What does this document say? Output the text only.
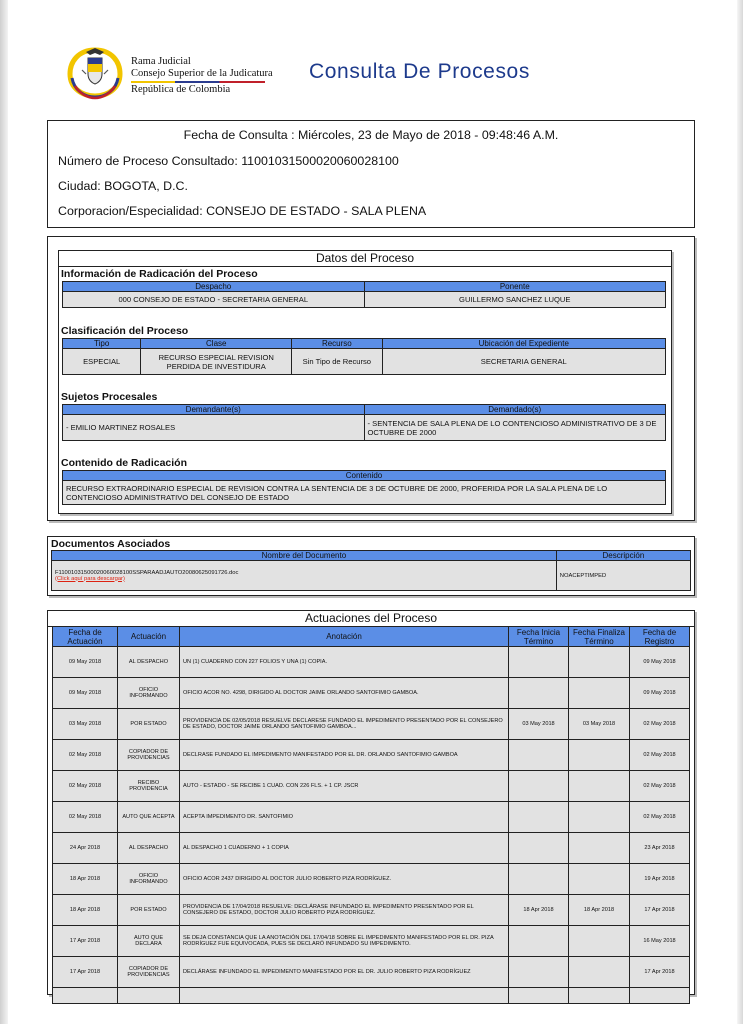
Rama Judicial
Consejo Superior de la Judicatura
República de Colombia
Consulta De Procesos
Fecha de Consulta : Miércoles, 23 de Mayo de 2018 - 09:48:46 A.M.
Número de Proceso Consultado: 11001031500020060028100
Ciudad: BOGOTA, D.C.
Corporacion/Especialidad: CONSEJO DE ESTADO - SALA PLENA
Datos del Proceso
Información de Radicación del Proceso
Despacho	Ponente
000 CONSEJO DE ESTADO - SECRETARIA GENERAL	GUILLERMO SANCHEZ LUQUE
Clasificación del Proceso
Tipo	Clase	Recurso	Ubicación del Expediente
ESPECIAL	RECURSO ESPECIAL REVISION PERDIDA DE INVESTIDURA	Sin Tipo de Recurso	SECRETARIA GENERAL
Sujetos Procesales
Demandante(s)	Demandado(s)
- EMILIO MARTINEZ ROSALES	- SENTENCIA DE SALA PLENA DE LO CONTENCIOSO ADMINISTRATIVO DE 3 DE OCTUBRE DE 2000
Contenido de Radicación
Contenido
RECURSO EXTRAORDINARIO ESPECIAL DE REVISION CONTRA LA SENTENCIA DE 3 DE OCTUBRE DE 2000, PROFERIDA POR LA SALA PLENA DE LO CONTENCIOSO ADMINISTRATIVO DEL CONSEJO DE ESTADO
Documentos Asociados
Nombre del Documento	Descripción

F11001031500020060028100SSPARAADJAUTO20080625091726.doc
(Click aquí para descargar)	NOACEPTIMPED
Actuaciones del Proceso
Fecha de Actuación	Actuación	Anotación	Fecha Inicia Término	Fecha Finaliza Término	Fecha de Registro
09 May 2018	AL DESPACHO	UN (1) CUADERNO CON 227 FOLIOS Y UNA (1) COPIA.			09 May 2018
09 May 2018	OFICIO INFORMANDO	OFICIO ACOR NO. 4298, DIRIGIDO AL DOCTOR JAIME ORLANDO SANTOFIMIO GAMBOA.			09 May 2018
03 May 2018	POR ESTADO	PROVIDENCIA DE 02/05/2018 RESUELVE DECLARESE FUNDADO EL IMPEDIMENTO PRESENTADO POR EL CONSEJERO DE ESTADO, DOCTOR JAIME ORLANDO SANTOFIMIO GAMBOA...	03 May 2018	03 May 2018	02 May 2018
02 May 2018	COPIADOR DE PROVIDENCIAS	DECLRASE FUNDADO EL IMPEDIMENTO MANIFESTADO POR EL DR. ORLANDO SANTOFIMIO GAMBOA			02 May 2018
02 May 2018	RECIBO PROVIDENCIA	AUTO - ESTADO - SE RECIBE 1 CUAD. CON 226 FLS. + 1 CP. JSCR			02 May 2018
02 May 2018	AUTO QUE ACEPTA	ACEPTA IMPEDIMENTO DR. SANTOFIMIO			02 May 2018
24 Apr 2018	AL DESPACHO	AL DESPACHO 1 CUADERNO + 1 COPIA			23 Apr 2018
18 Apr 2018	OFICIO INFORMANDO	OFICIO ACOR 2437 DIRIGIDO AL DOCTOR JULIO ROBERTO PIZA RODRÍGUEZ.			19 Apr 2018
18 Apr 2018	POR ESTADO	PROVIDENCIA DE 17/04/2018 RESUELVE: DECLÁRASE INFUNDADO EL IMPEDIMENTO PRESENTADO POR EL CONSEJERO DE ESTADO, DOCTOR JULIO ROBERTO PIZA RODRÍGUEZ.	18 Apr 2018	18 Apr 2018	17 Apr 2018
17 Apr 2018	AUTO QUE DECLARA	SE DEJA CONSTANCIA QUE LA ANOTACIÓN DEL 17/04/18 SOBRE EL IMPEDIMENTO MANIFESTADO POR EL DR. PIZA RODRÍGUEZ FUE EQUIVOCADA, PUES SE DECLARÓ INFUNDADO SU IMPEDIMENTO.			16 May 2018
17 Apr 2018	COPIADOR DE PROVIDENCIAS	DECLÁRASE INFUNDADO EL IMPEDIMENTO MANIFESTADO POR EL DR. JULIO ROBERTO PIZA RODRÍGUEZ			17 Apr 2018
